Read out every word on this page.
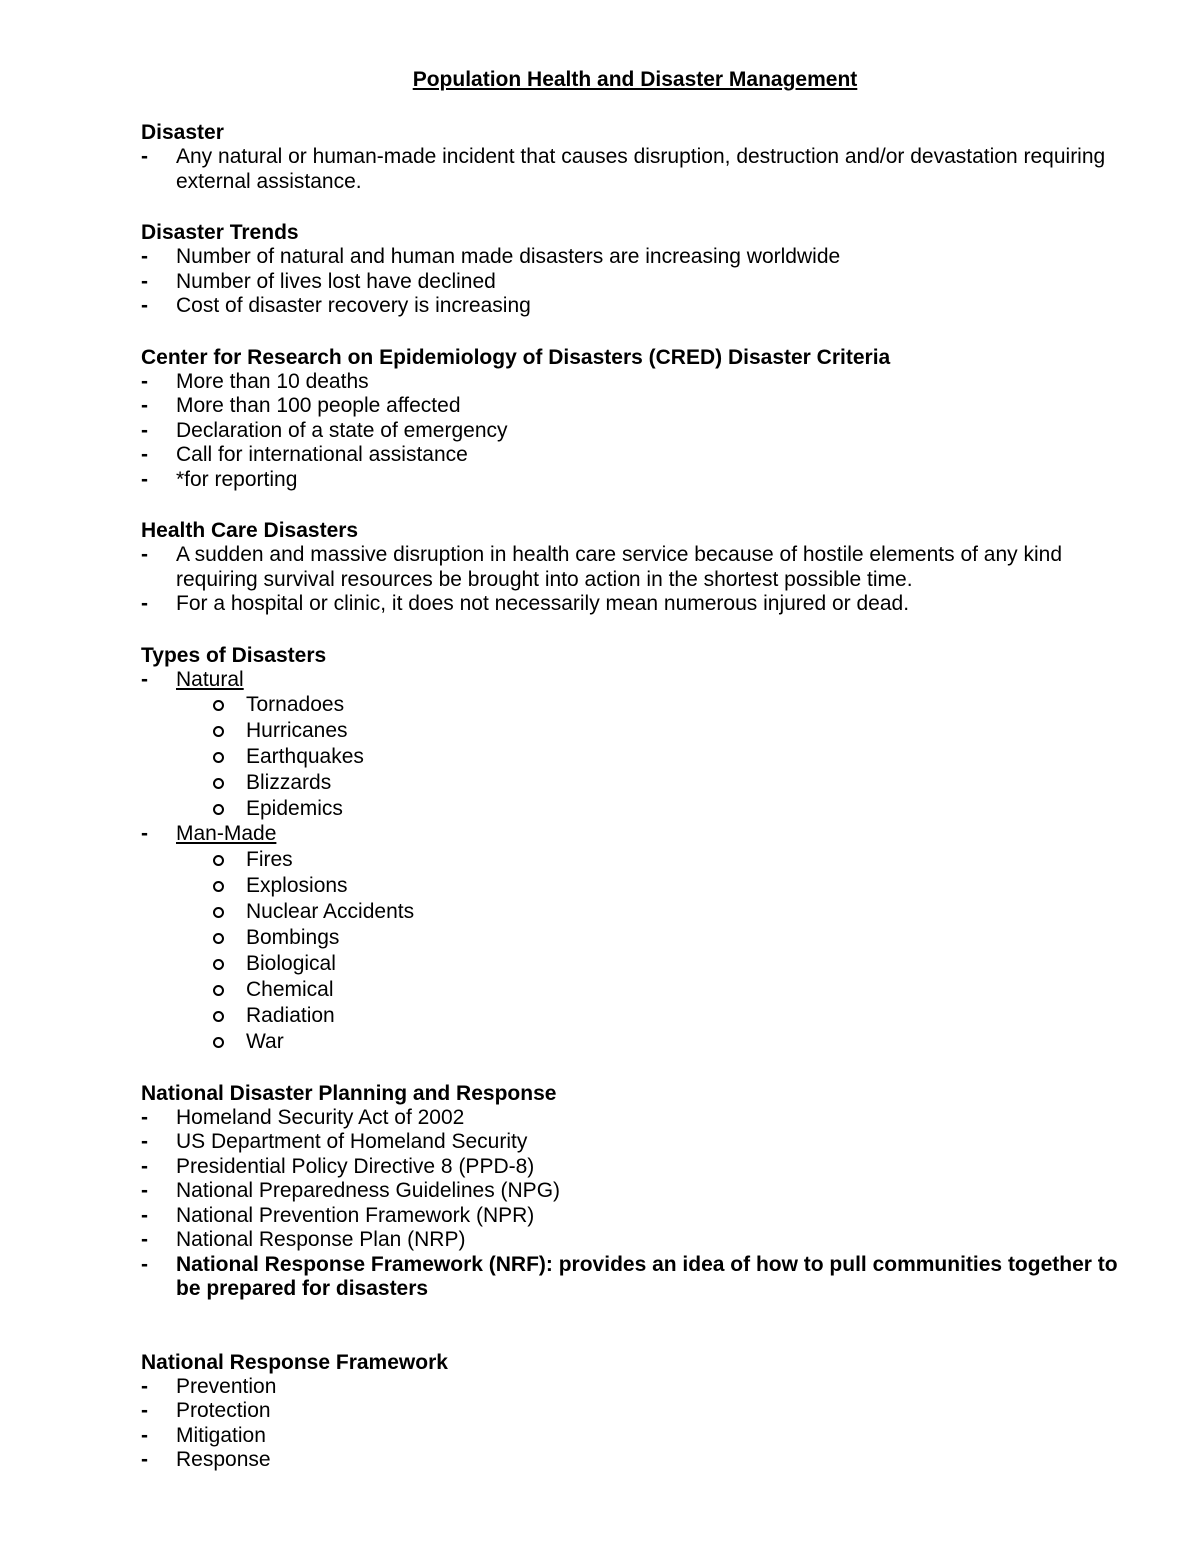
Population Health and Disaster Management
Disaster
-	Any natural or human-made incident that causes disruption, destruction and/or devastation requiring external assistance.
Disaster Trends
-	Number of natural and human made disasters are increasing worldwide
-	Number of lives lost have declined
-	Cost of disaster recovery is increasing
Center for Research on Epidemiology of Disasters (CRED) Disaster Criteria
-	More than 10 deaths
-	More than 100 people affected
-	Declaration of a state of emergency
-	Call for international assistance
-	*for reporting
Health Care Disasters
-	A sudden and massive disruption in health care service because of hostile elements of any kind requiring survival resources be brought into action in the shortest possible time.
-	For a hospital or clinic, it does not necessarily mean numerous injured or dead.
Types of Disasters
-	Natural
Tornadoes
Hurricanes
Earthquakes
Blizzards
Epidemics
-	Man-Made
Fires
Explosions
Nuclear Accidents
Bombings
Biological
Chemical
Radiation
War
National Disaster Planning and Response
-	Homeland Security Act of 2002
-	US Department of Homeland Security
-	Presidential Policy Directive 8 (PPD-8)
-	National Preparedness Guidelines (NPG)
-	National Prevention Framework (NPR)
-	National Response Plan (NRP)
-	National Response Framework (NRF): provides an idea of how to pull communities together to be prepared for disasters
National Response Framework
-	Prevention
-	Protection
-	Mitigation
-	Response
